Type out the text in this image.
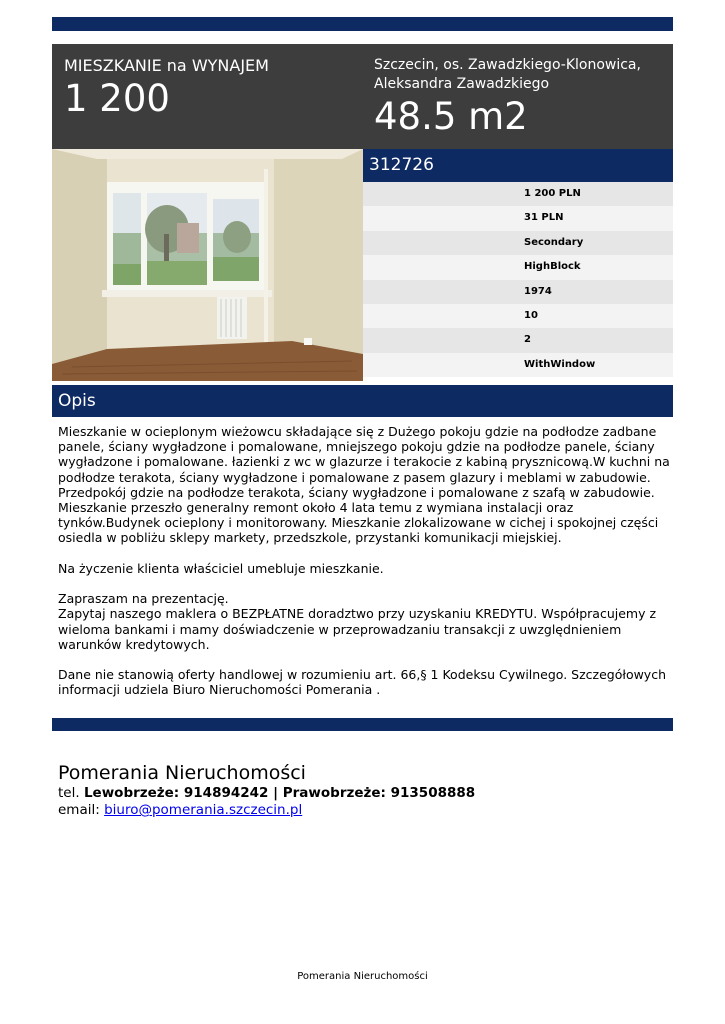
MIESZKANIE na WYNAJEM
1 200
Szczecin, os. Zawadzkiego-Klonowica,
Aleksandra Zawadzkiego
48.5 m2
312726
1 200 PLN
31 PLN
Secondary
HighBlock
1974
10
2
WithWindow
Opis

Mieszkanie w ocieplonym wieżowcu składające się z Dużego pokoju gdzie na podłodze zadbane panele, ściany wygładzone i pomalowane, mniejszego pokoju gdzie na podłodze panele, ściany wygładzone i pomalowane. łazienki z wc w glazurze i terakocie z kabiną prysznicową.W kuchni na podłodze terakota, ściany wygładzone i pomalowane z pasem glazury i meblami w zabudowie. Przedpokój gdzie na podłodze terakota, ściany wygładzone i pomalowane z szafą w zabudowie. Mieszkanie przeszło generalny remont około 4 lata temu z wymiana instalacji oraz tynków.Budynek ocieplony i monitorowany. Mieszkanie zlokalizowane w cichej i spokojnej części osiedla w pobliżu sklepy markety, przedszkole, przystanki komunikacji miejskiej.

Na życzenie klienta właściciel umebluje mieszkanie.

Zapraszam na prezentację.

Zapytaj naszego maklera o BEZPŁATNE doradztwo przy uzyskaniu KREDYTU. Współpracujemy z wieloma bankami i mamy doświadczenie w przeprowadzaniu transakcji z uwzględnieniem warunków kredytowych.

Dane nie stanowią oferty handlowej w rozumieniu art. 66,§ 1 Kodeksu Cywilnego. Szczegółowych informacji udziela Biuro Nieruchomości Pomerania .

Pomerania Nieruchomości
tel. Lewobrzeże: 914894242 | Prawobrzeże: 913508888
email: biuro@pomerania.szczecin.pl
Pomerania Nieruchomości
